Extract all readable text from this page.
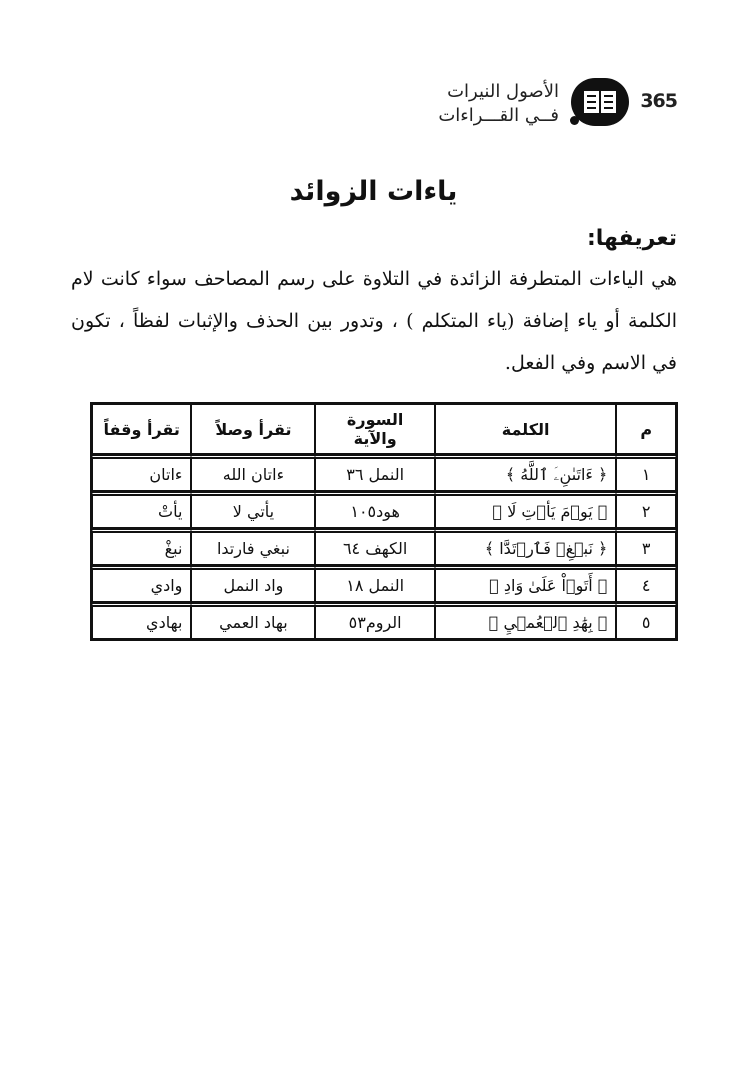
365
الأصول النيرات
فــي القـــراءات
ياءات الزوائد
تعريفها:
هي الياءات المتطرفة الزائدة في التلاوة على رسم المصاحف سواء كانت لام الكلمة أو ياء إضافة (ياء المتكلم ) ، وتدور بين الحذف والإثبات لفظاً ، تكون في الاسم وفي الفعل.
م	الكلمة	السورة والآية	تقرأ وصلاً	تقرأ وقفاً
١	﴿ ءَاتَىٰنِۦَ ٱللَّهُ ﴾	النمل ٣٦	ءاتان الله	ءاتان
٢	﴿ يَوۡمَ يَأۡتِ لَا ﴾	هود١٠٥	يأتي لا	يأتْ
٣	﴿ نَبۡغِۚ فَٱرۡتَدَّا ﴾	الكهف ٦٤	نبغي فارتدا	نبغْ
٤	﴿ أَتَوۡاْ عَلَىٰ وَادِ ﴾	النمل ١٨	واد النمل	وادي
٥	﴿ بِهَٰدِ ٱلۡعُمۡيِ ﴾	الروم٥٣	بهاد العمي	بهادي
